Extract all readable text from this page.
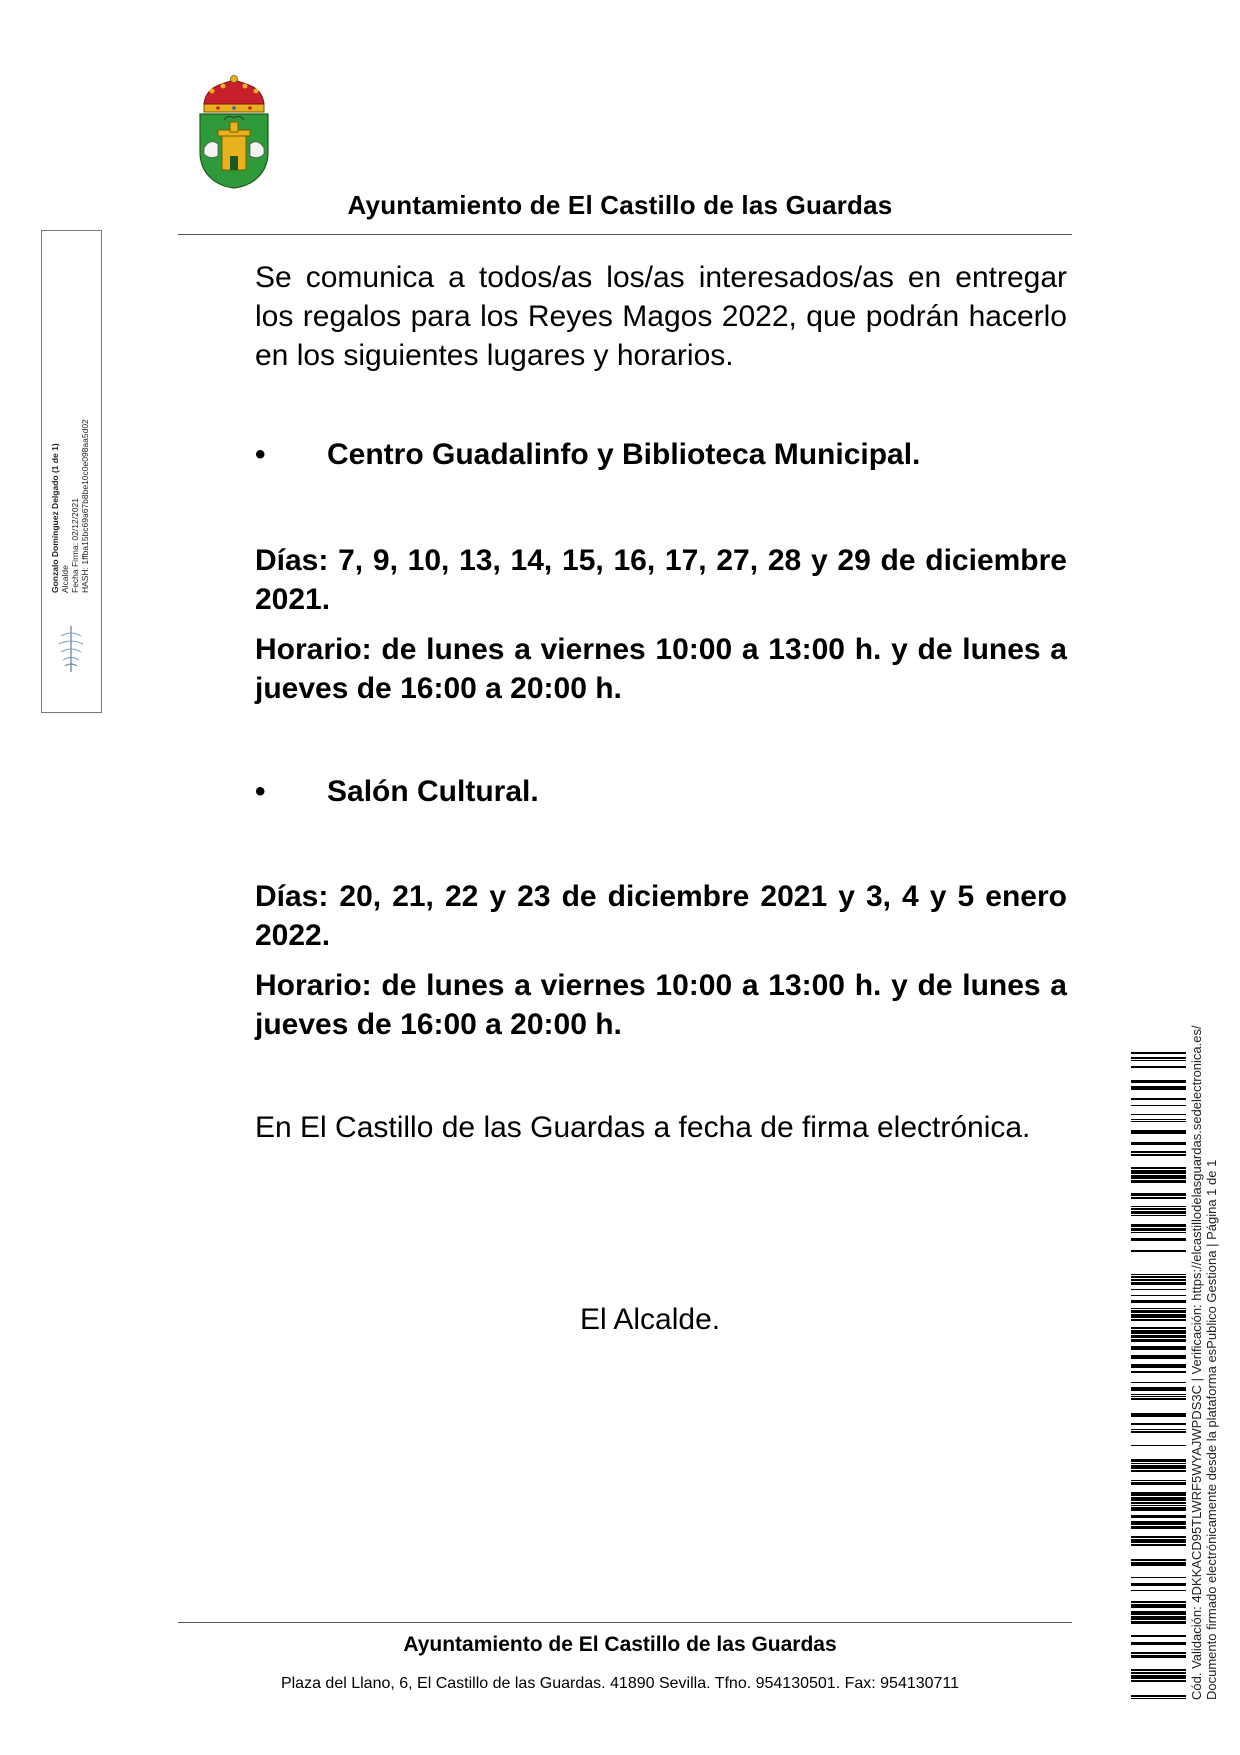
Ayuntamiento de El Castillo de las Guardas
Se comunica a todos/as los/as interesados/as en entregar los regalos para los Reyes Magos 2022, que podrán hacerlo en los siguientes lugares y horarios.
• Centro Guadalinfo y Biblioteca Municipal.
Días: 7, 9, 10, 13, 14, 15, 16, 17, 27, 28 y 29 de diciembre 2021.
Horario: de lunes a viernes 10:00 a 13:00 h. y de lunes a jueves de 16:00 a 20:00 h.
• Salón Cultural.
Días: 20, 21, 22 y 23 de diciembre 2021 y 3, 4 y 5 enero 2022.
Horario: de lunes a viernes 10:00 a 13:00 h. y de lunes a jueves de 16:00 a 20:00 h.
En El Castillo de las Guardas a fecha de firma electrónica.
El Alcalde.
Gonzalo Domínguez Delgado (1 de 1) Alcalde Fecha Firma: 02/12/2021 HASH: 1ffba15bc69a67b8be10c0e098aa5d02
Cód. Validación: 4DKKACD95TLWRF5WYAJWPDS3C | Verificación: https://elcastillodelasguardas.sedelectronica.es/ Documento firmado electrónicamente desde la plataforma esPublico Gestiona | Página 1 de 1
Ayuntamiento de El Castillo de las Guardas
Plaza del Llano, 6, El Castillo de las Guardas. 41890 Sevilla. Tfno. 954130501. Fax: 954130711
